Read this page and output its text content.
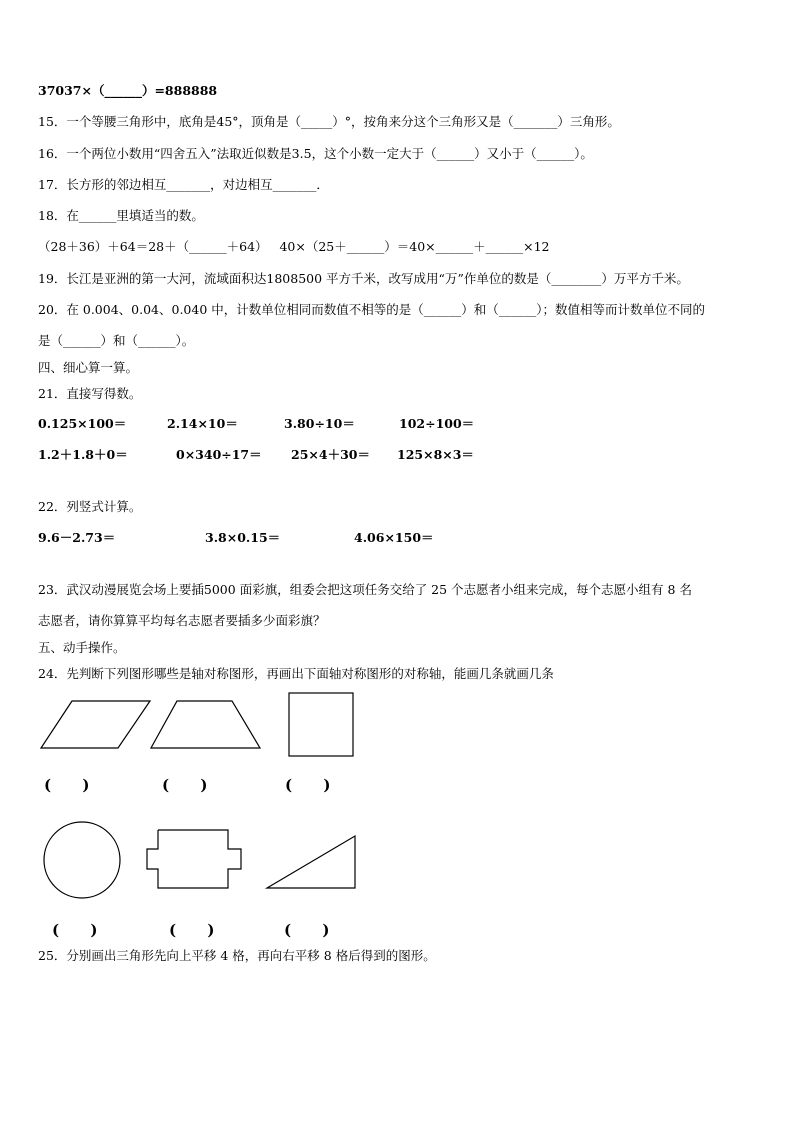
37037×（______）=888888
15．一个等腰三角形中，底角是45°，顶角是（_____）°，按角来分这个三角形又是（_______）三角形。
16．一个两位小数用“四舍五入”法取近似数是3.5，这个小数一定大于（______）又小于（______）。
17．长方形的邻边相互_______，对边相互_______．
18．在______里填适当的数。
（28＋36）＋64＝28＋（______＋64）   40×（25＋______）＝40×______＋______×12
19．长江是亚洲的第一大河，流域面积达1808500 平方千米，改写成用“万”作单位的数是（________）万平方千米。
20．在 0.004、0.04、0.040 中，计数单位相同而数值不相等的是（______）和（______）；数值相等而计数单位不同的
是（______）和（______）。
四、细心算一算。
21．直接写得数。
0.125×100＝	2.14×10＝	3.80÷10＝	102÷100＝
1.2＋1.8＋0＝	0×340÷17＝ 25×4＋30＝ 125×8×3＝
22．列竖式计算。
9.6－2.73＝	3.8×0.15＝	4.06×150＝
23．武汉动漫展览会场上要插5000 面彩旗，组委会把这项任务交给了 25 个志愿者小组来完成，每个志愿小组有 8 名
志愿者，请你算算平均每名志愿者要插多少面彩旗？
五、动手操作。
24．先判断下列图形哪些是轴对称图形，再画出下面轴对称图形的对称轴，能画几条就画几条
(      )	(      )	(      )
(      )	(      )	(      )
25．分别画出三角形先向上平移 4 格，再向右平移 8 格后得到的图形。
